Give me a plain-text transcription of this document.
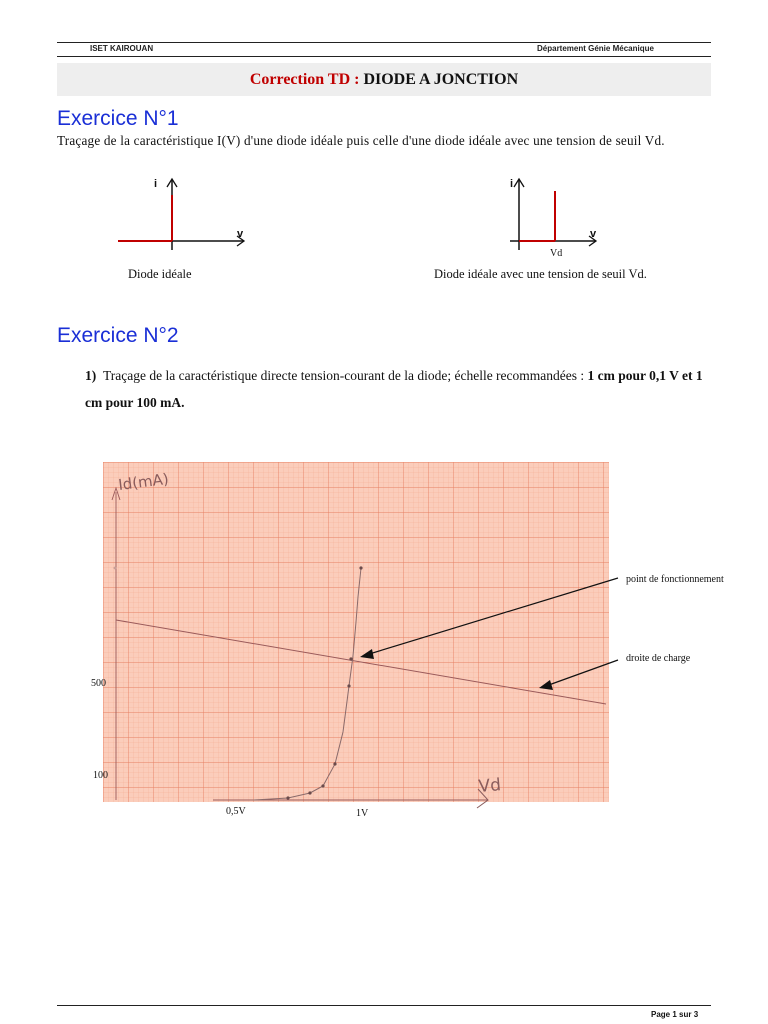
ISET KAIROUAN	Département Génie Mécanique
Correction TD : DIODE A JONCTION
Exercice N°1
Traçage de la caractéristique I(V) d'une diode idéale puis celle d'une diode idéale avec une tension de seuil Vd.
i
v
Diode idéale
i
v
Vd
Diode idéale avec une tension de seuil Vd.
Exercice N°2
1) Traçage de la caractéristique directe tension-courant de la diode; échelle recommandées : 1 cm pour 0,1 V et 1 cm pour 100 mA.
Id(mA)
Vd
500
100
0,5V	1V
point de fonctionnement
droite de charge
Page 1 sur 3
